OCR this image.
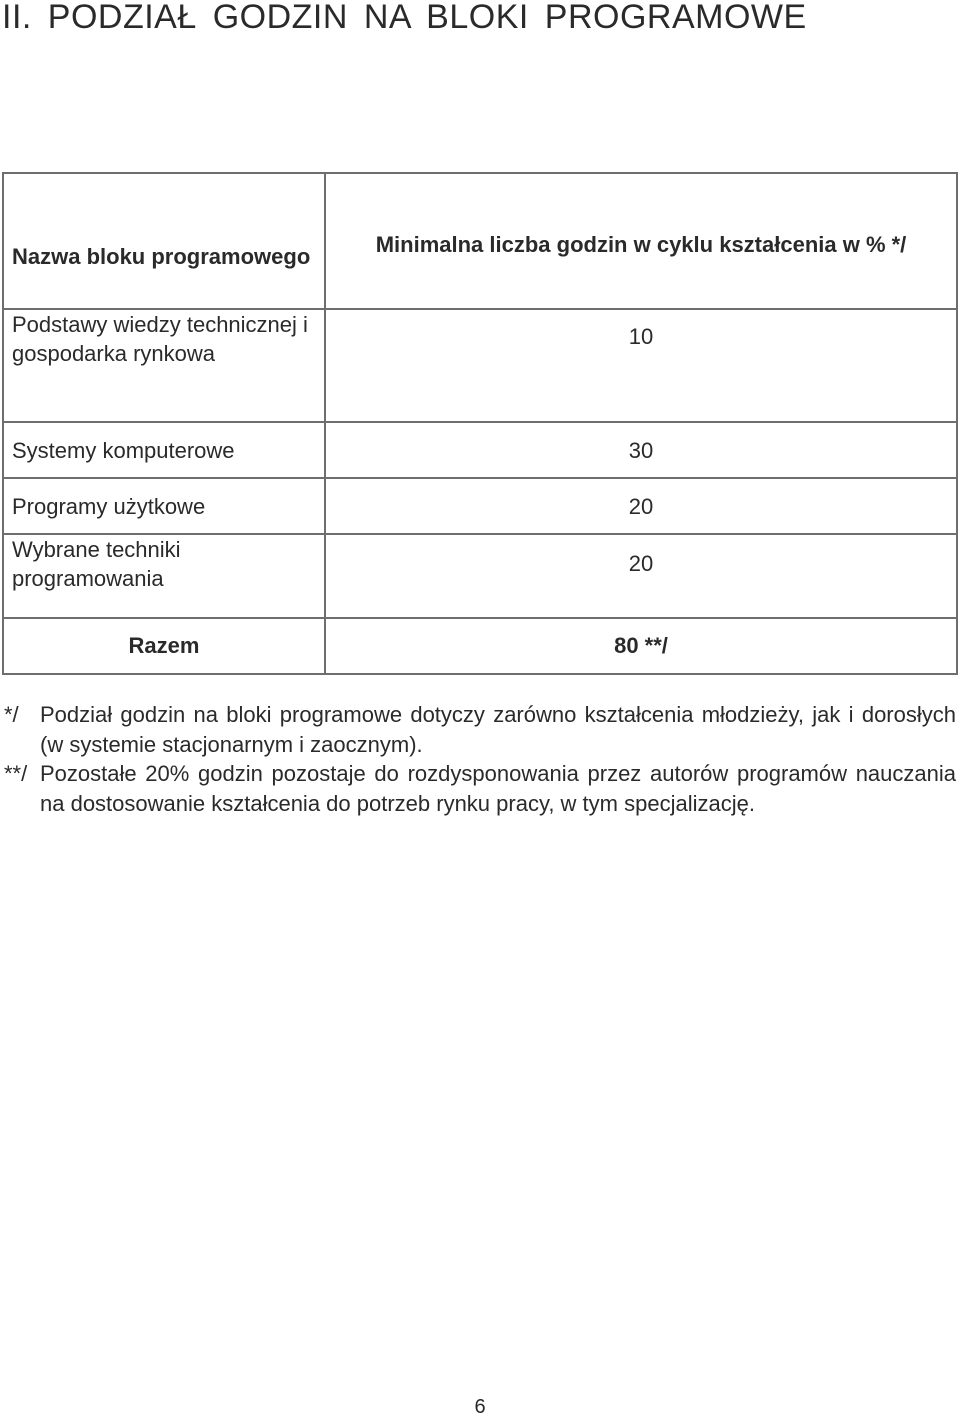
II. PODZIAŁ GODZIN NA BLOKI PROGRAMOWE
Nazwa bloku programowego	Minimalna liczba godzin w cyklu kształcenia w % */
Podstawy wiedzy technicznej i gospodarka rynkowa	10
Systemy komputerowe	30
Programy użytkowe	20
Wybrane techniki programowania	20
Razem	80 **/
*/ Podział godzin na bloki programowe dotyczy zarówno kształcenia młodzieży, jak i dorosłych (w systemie stacjonarnym i zaocznym).
**/ Pozostałe 20% godzin pozostaje do rozdysponowania przez autorów programów nauczania na dostosowanie kształcenia do potrzeb rynku pracy, w tym specjalizację.
6
